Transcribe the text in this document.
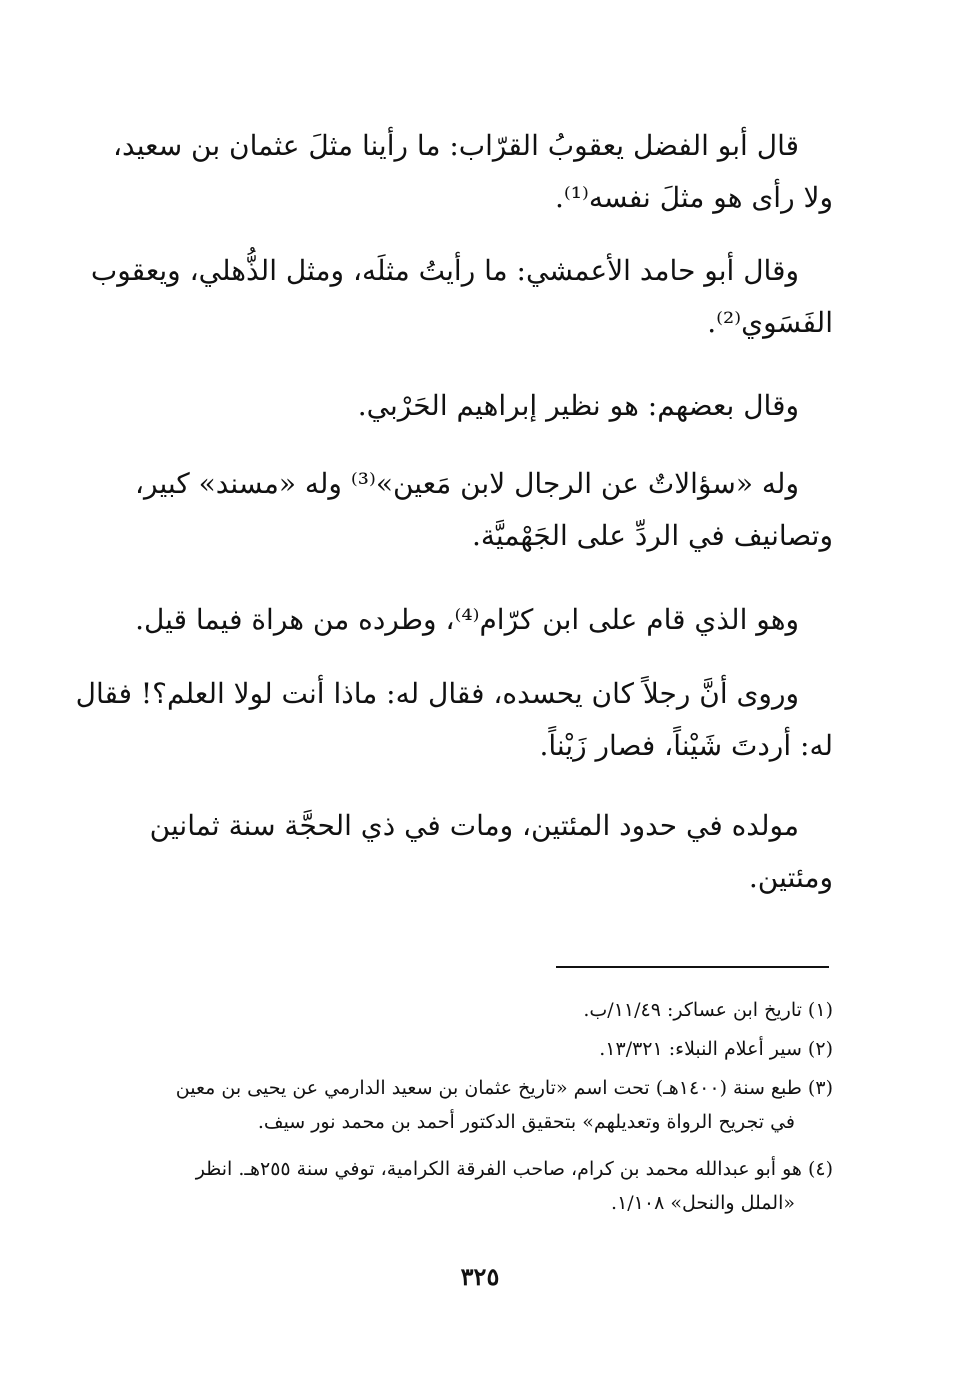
قال أبو الفضل يعقوبُ القرّاب: ما رأينا مثلَ عثمان بن سعيد،
ولا رأى هو مثلَ نفسه⁽¹⁾.

وقال أبو حامد الأعمشي: ما رأيتُ مثلَه، ومثل الذُّهلي، ويعقوب
الفَسَوي⁽²⁾.

وقال بعضهم: هو نظير إبراهيم الحَرْبي.

وله «سؤالاتٌ عن الرجال لابن مَعين»⁽³⁾ وله «مسند» كبير،
وتصانيف في الردِّ على الجَهْميَّة.

وهو الذي قام على ابن كرّام⁽⁴⁾، وطرده من هراة فيما قيل.

وروى أنَّ رجلاً كان يحسده، فقال له: ماذا أنت لولا العلم؟! فقال
له: أردتَ شَيْناً، فصار زَيْناً.

مولده في حدود المئتين، ومات في ذي الحجَّة سنة ثمانين
ومئتين.

(١) تاريخ ابن عساكر: ١١/٤٩/ب.

(٢) سير أعلام النبلاء: ١٣/٣٢١.

(٣) طبع سنة (١٤٠٠هـ) تحت اسم «تاريخ عثمان بن سعيد الدارمي عن يحيى بن معين
في تجريح الرواة وتعديلهم» بتحقيق الدكتور أحمد بن محمد نور سيف.

(٤) هو أبو عبدالله محمد بن كرام، صاحب الفرقة الكرامية، توفي سنة ٢٥٥هـ. انظر
«الملل والنحل» ١/١٠٨.

٣٢٥
